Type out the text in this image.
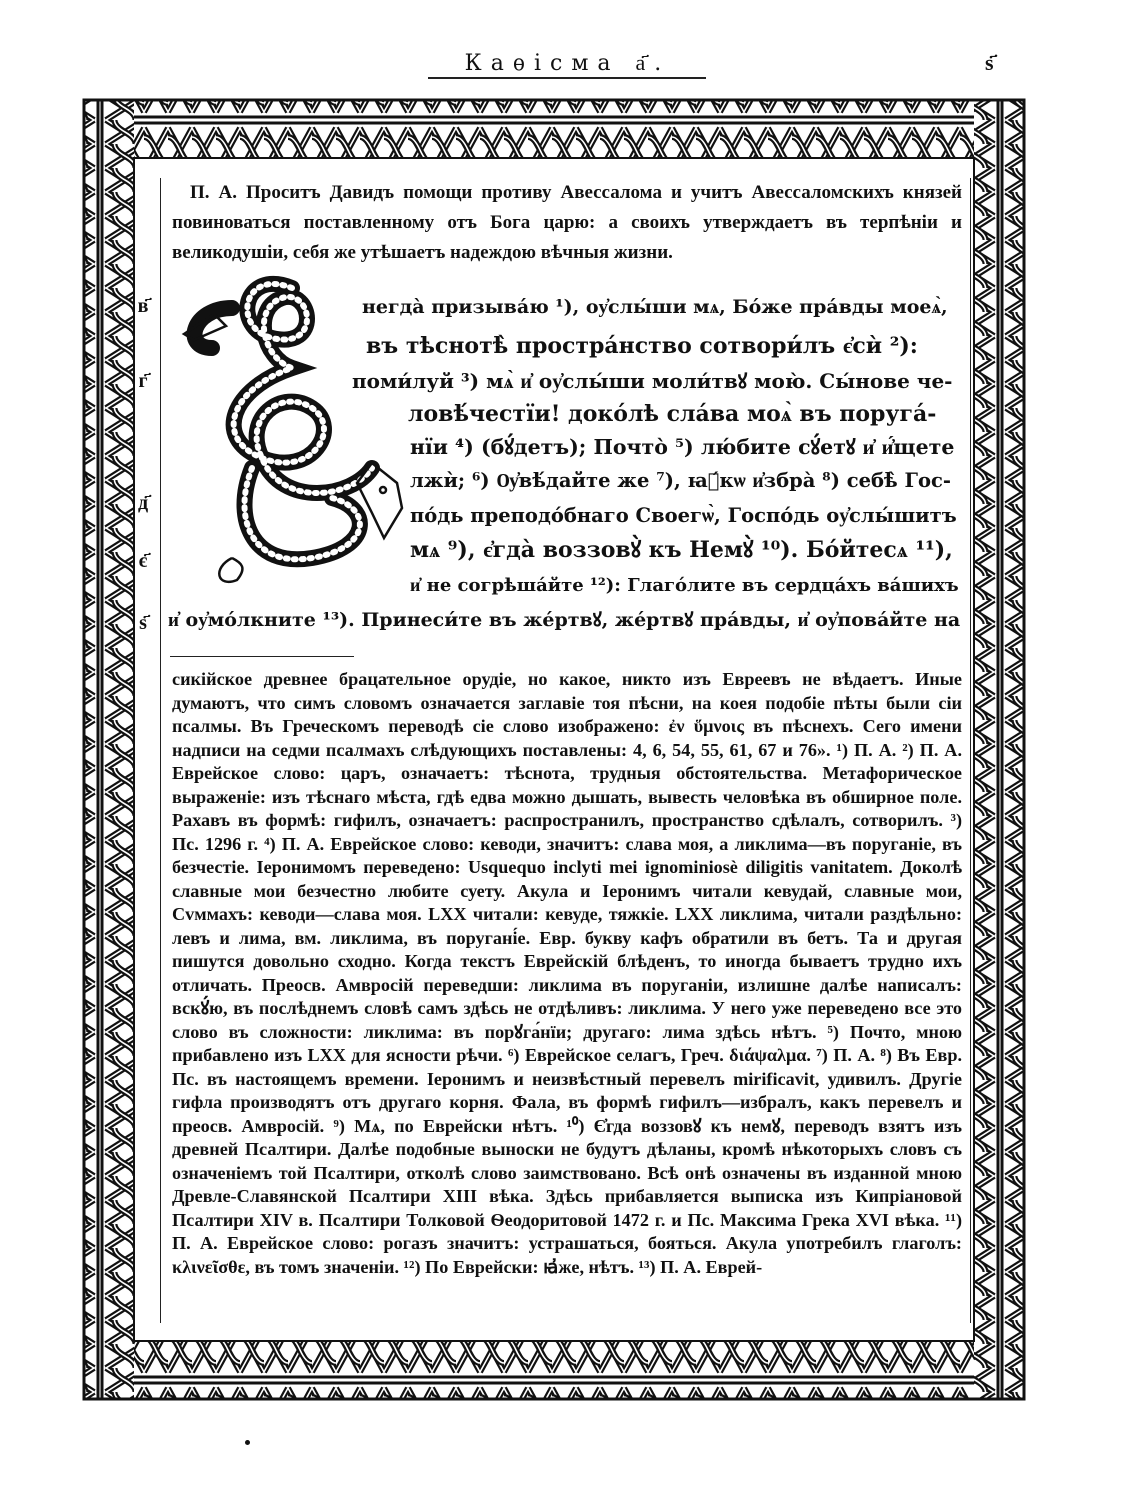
Каѳісма а҃.	ѕ҃
в҃
г҃
д҃
є҃
ѕ҃
П. А. Проситъ Давидъ помощи противу Авессалома и учитъ Авессаломскихъ князей повиноваться поставленному отъ Бога царю: а своихъ утверждаетъ въ терпѣніи и великодушіи, себя же утѣшаетъ надеждою вѣчныя жизни.
негда̀ призыва́ю ¹), оу҆слы́ши мѧ, Бо́же пра́вды моеѧ̀,
въ тѣснотѣ̀ простра́нство сотвори́лъ є҆сѝ ²):
поми́луй ³) мѧ̀ и҆ оу҆слы́ши моли́твꙋ мою̀. Сы́нове че-
ловѣ́честїи! доко́лѣ сла́ва моѧ̀ въ поруга́-
нїи ⁴) (бꙋ́детъ); Почто̀ ⁵) лю́бите сꙋ́етꙋ и҆ и҆́щете
лжѝ; ⁶) Ѹ҆вѣ́дайте же ⁷), ꙗ҆́кѡ и҆збра̀ ⁸) себѣ̀ Гос-
по́дь преподо́бнаго Своегѡ̀, Госпо́дь оу҆слы́шитъ
мѧ ⁹), є҆гда̀ воззовꙋ̀ къ Немꙋ̀ ¹⁰). Бо́йтесѧ ¹¹),
и҆ не согрѣша́йте ¹²): Глаго́лите въ сердца́хъ ва́шихъ
и҆ оу҆мо́лкните ¹³). Принеси́те въ же́ртвꙋ, же́ртвꙋ пра́вды, и҆ оу҆пова́йте на
сикійское древнее брацательное орудіе, но какое, никто изъ Евреевъ не вѣдаетъ. Иные думаютъ, что симъ словомъ означается заглавіе тоя пѣсни, на коея подобіе пѣты были сіи псалмы. Въ Греческомъ переводѣ сіе слово изображено: ἐν ὕμνοις въ пѣснехъ. Сего имени надписи на седми псалмахъ слѣдующихъ поставлены: 4, 6, 54, 55, 61, 67 и 76». ¹) П. А. ²) П. А. Еврейское слово: царъ, означаетъ: тѣснота, трудныя обстоятельства. Метафорическое выраженіе: изъ тѣснаго мѣста, гдѣ едва можно дышать, вывесть человѣка въ обширное поле. Рахавъ въ формѣ: гифилъ, означаетъ: распространилъ, пространство сдѣлалъ, сотворилъ. ³) Пс. 1296 г. ⁴) П. А. Еврейское слово: кеводи, значитъ: слава моя, а ликлима—въ поруганіе, въ безчестіе. Іеронимомъ переведено: Usquequo inclyti mei ignominiosè diligitis vanitatem. Доколѣ славные мои безчестно любите суету. Акула и Іеронимъ читали кевудай, славные мои, Сvммахъ: кеводи—слава моя. LXX читали: кевуде, тяжкіе. LXX ликлима, читали раздѣльно: левъ и лима, вм. ликлима, въ поругані́е. Евр. букву кафъ обратили въ бетъ. Та и другая пишутся довольно сходно. Когда текстъ Еврейскій блѣденъ, то иногда бываетъ трудно ихъ отличать. Преосв. Амвросій переведши: ликлима въ поруганіи, излишне далѣе написалъ: вскꙋ́ю, въ послѣднемъ словѣ самъ здѣсь не отдѣливъ: ликлима. У него уже переведено все это слово въ сложности: ликлима: въ порꙋга́нїи; другаго: лима здѣсь нѣтъ. ⁵) Почто, мною прибавлено изъ LXX для ясности рѣчи. ⁶) Еврейское селагъ, Греч. διάψαλμα. ⁷) П. А. ⁸) Въ Евр. Пс. въ настоящемъ времени. Іеронимъ и неизвѣстный перевелъ mirificavit, удивилъ. Другіе гифла производятъ отъ другаго корня. Фала, въ формѣ гифилъ—избралъ, какъ перевелъ и преосв. Амвросій. ⁹) Мѧ, по Еврейски нѣтъ. ¹⁰) Є҆гда воззовꙋ къ немꙋ, переводъ взятъ изъ древней Псалтири. Далѣе подобные выноски не будутъ дѣланы, кромѣ нѣкоторыхъ словъ съ означеніемъ той Псалтири, отколѣ слово заимствовано. Всѣ онѣ означены въ изданной мною Древле-Славянской Псалтири XIII вѣка. Здѣсь прибавляется выписка изъ Кипріановой Псалтири XIV в. Псалтири Толковой Ѳеодоритовой 1472 г. и Пс. Максима Грека XVI вѣка. ¹¹) П. А. Еврейское слово: рогазъ значитъ: устрашаться, бояться. Акула употребилъ глаголъ: κλινεῖσθε, въ томъ значеніи. ¹²) По Еврейски: ꙗ҆же, нѣтъ. ¹³) П. А. Еврей-
